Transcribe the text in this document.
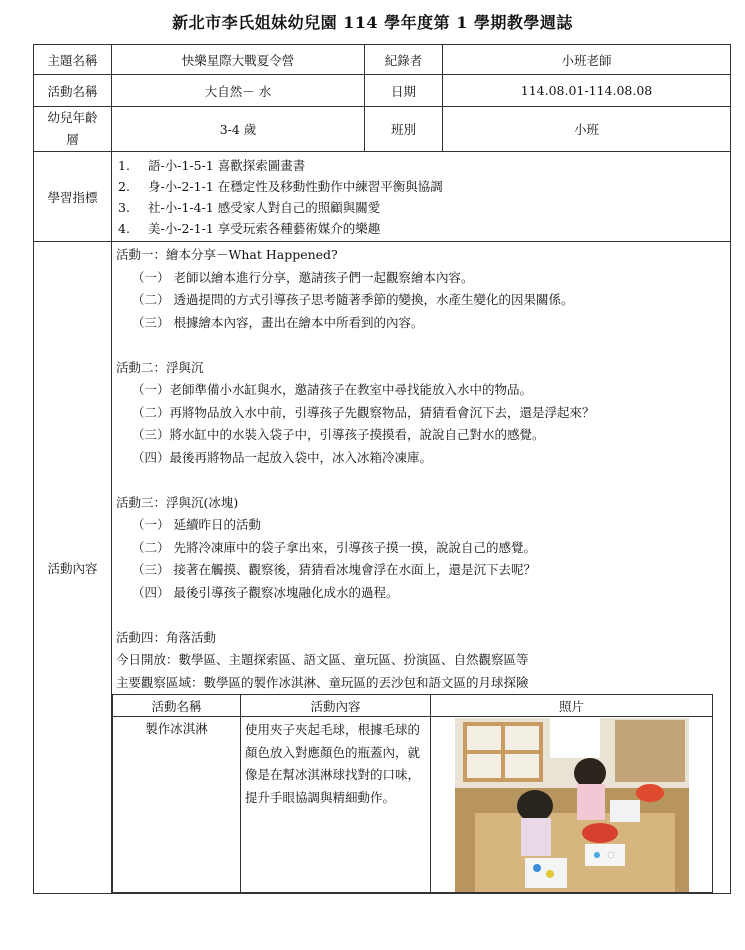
新北市李氏姐妹幼兒園 114 學年度第 1 學期教學週誌
主題名稱	快樂星際大戰夏令營	紀錄者	小班老師
活動名稱	大自然－ 水	日期	114.08.01-114.08.08
幼兒年齡層	3-4 歲	班別	小班
學習指標	
1.	語-小-1-5-1 喜歡探索圖畫書
2.	身-小-2-1-1 在穩定性及移動性動作中練習平衡與協調
3.	社-小-1-4-1 感受家人對自己的照顧與關愛
4.	美-小-2-1-1 享受玩索各種藝術媒介的樂趣

活動內容	
活動一：繪本分享－What Happened?
（一） 老師以繪本進行分享，邀請孩子們一起觀察繪本內容。
（二） 透過提問的方式引導孩子思考隨著季節的變換，水產生變化的因果關係。
（三） 根據繪本內容，畫出在繪本中所看到的內容。
活動二：浮與沉
（一）老師準備小水缸與水，邀請孩子在教室中尋找能放入水中的物品。
（二）再將物品放入水中前，引導孩子先觀察物品，猜猜看會沉下去，還是浮起來？
（三）將水缸中的水裝入袋子中，引導孩子摸摸看，說說自己對水的感覺。
（四）最後再將物品一起放入袋中，冰入冰箱冷凍庫。
活動三：浮與沉(冰塊)
（一） 延續昨日的活動
（二） 先將冷凍庫中的袋子拿出來，引導孩子摸一摸，說說自己的感覺。
（三） 接著在觸摸、觀察後，猜猜看冰塊會浮在水面上，還是沉下去呢？
（四） 最後引導孩子觀察冰塊融化成水的過程。
活動四：角落活動
今日開放：數學區、主題探索區、語文區、童玩區、扮演區、自然觀察區等
主要觀察區域：數學區的製作冰淇淋、童玩區的丟沙包和語文區的月球探險
活動名稱	活動內容	照片
製作冰淇淋	使用夾子夾起毛球，根據毛球的顏色放入對應顏色的瓶蓋內，就像是在幫冰淇淋球找對的口味，提升手眼協調與精細動作。
